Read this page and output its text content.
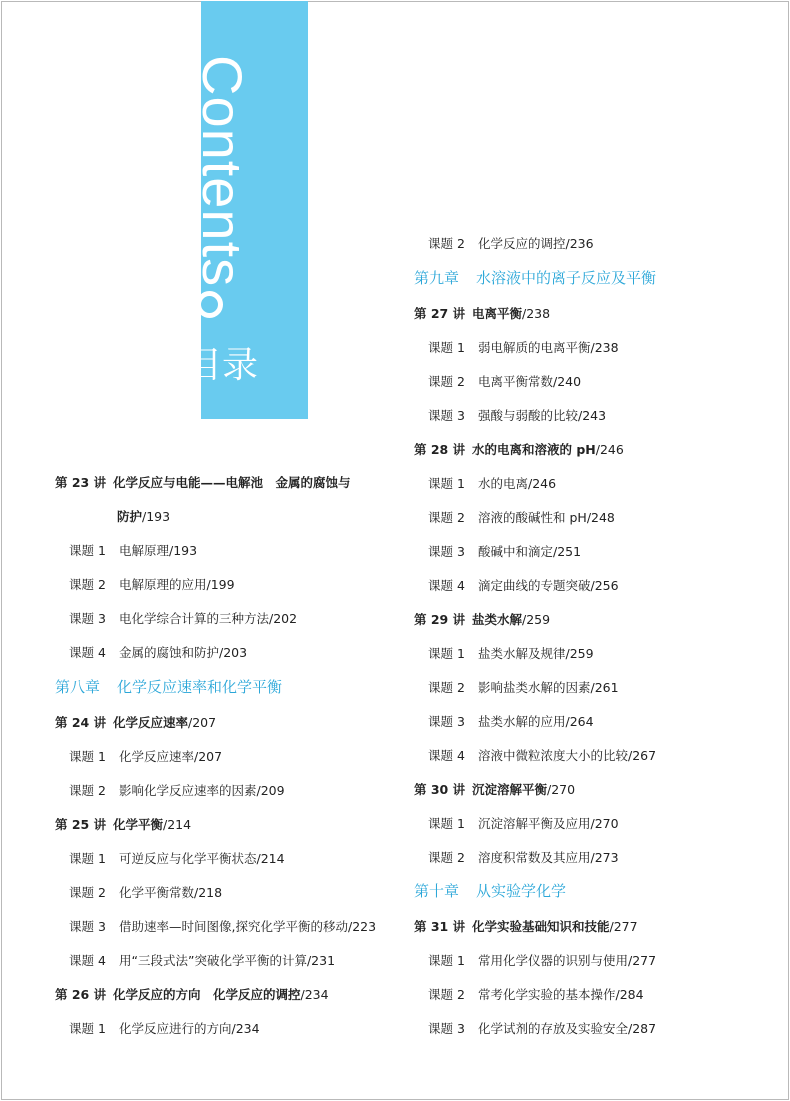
Contents
目录
第 23 讲 化学反应与电能——电解池　金属的腐蚀与
防护/193
课题 1 电解原理/193
课题 2 电解原理的应用/199
课题 3 电化学综合计算的三种方法/202
课题 4 金属的腐蚀和防护/203
第八章 化学反应速率和化学平衡
第 24 讲 化学反应速率/207
课题 1 化学反应速率/207
课题 2 影响化学反应速率的因素/209
第 25 讲 化学平衡/214
课题 1 可逆反应与化学平衡状态/214
课题 2 化学平衡常数/218
课题 3 借助速率—时间图像,探究化学平衡的移动/223
课题 4 用“三段式法”突破化学平衡的计算/231
第 26 讲 化学反应的方向　化学反应的调控/234
课题 1 化学反应进行的方向/234
课题 2 化学反应的调控/236
第九章 水溶液中的离子反应及平衡
第 27 讲 电离平衡/238
课题 1 弱电解质的电离平衡/238
课题 2 电离平衡常数/240
课题 3 强酸与弱酸的比较/243
第 28 讲 水的电离和溶液的 pH/246
课题 1 水的电离/246
课题 2 溶液的酸碱性和 pH/248
课题 3 酸碱中和滴定/251
课题 4 滴定曲线的专题突破/256
第 29 讲 盐类水解/259
课题 1 盐类水解及规律/259
课题 2 影响盐类水解的因素/261
课题 3 盐类水解的应用/264
课题 4 溶液中微粒浓度大小的比较/267
第 30 讲 沉淀溶解平衡/270
课题 1 沉淀溶解平衡及应用/270
课题 2 溶度积常数及其应用/273
第十章 从实验学化学
第 31 讲 化学实验基础知识和技能/277
课题 1 常用化学仪器的识别与使用/277
课题 2 常考化学实验的基本操作/284
课题 3 化学试剂的存放及实验安全/287
